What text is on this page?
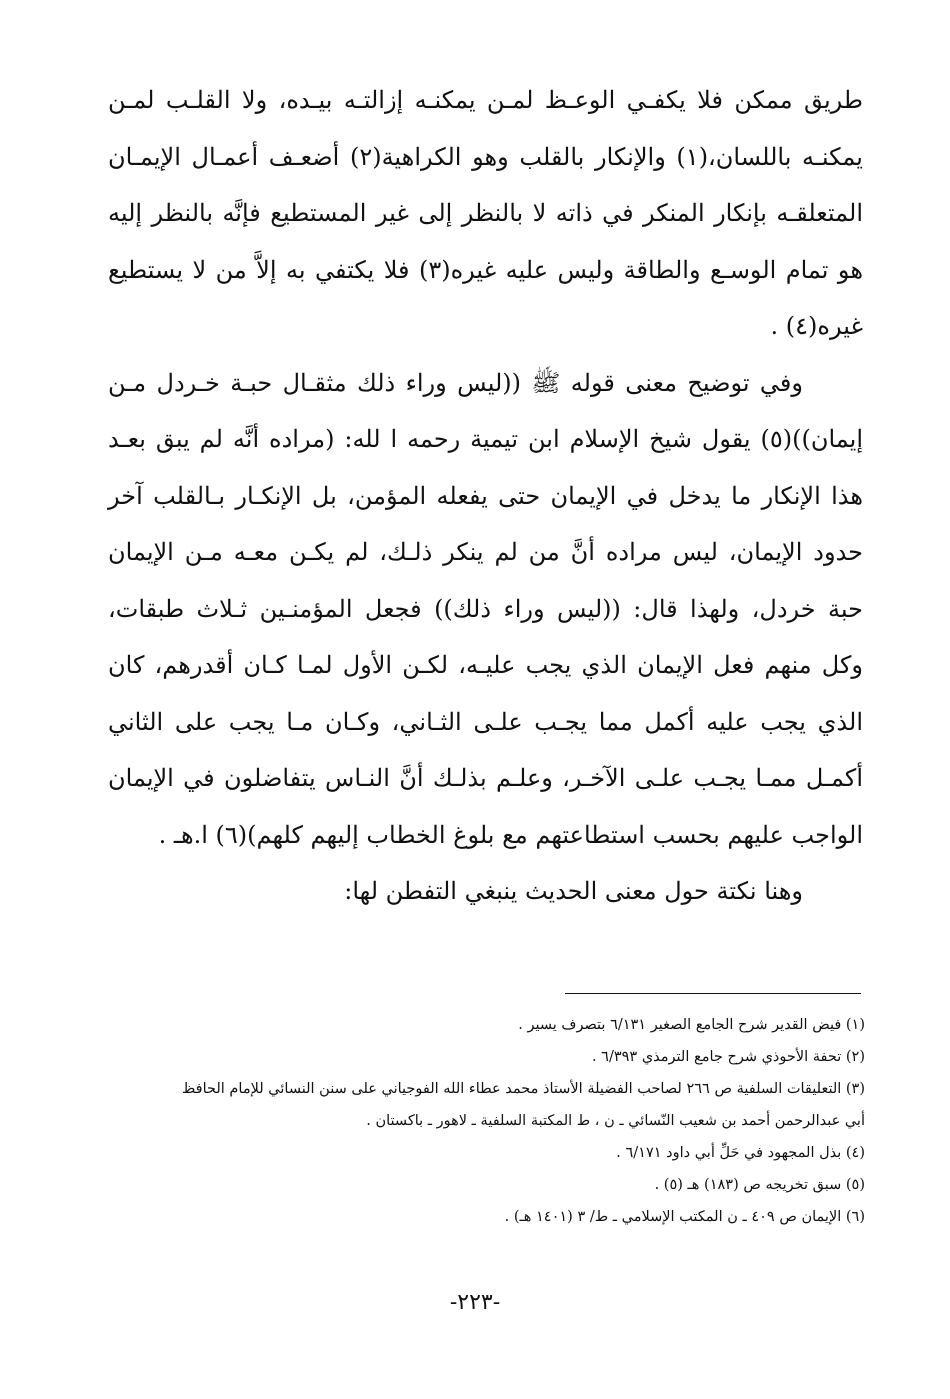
طريق ممكن فلا يكفـي الوعـظ لمـن يمكنـه إزالتـه بيـده، ولا القلـب لمـن يمكنـه باللسان،(١) والإنكار بالقلب وهو الكراهية(٢) أضعـف أعمـال الإيمـان المتعلقـه بإنكار المنكر في ذاته لا بالنظر إلى غير المستطيع فإنَّه بالنظر إليه هو تمام الوسـع والطاقة وليس عليه غيره(٣) فلا يكتفي به إلاَّ من لا يستطيع غيره(٤) .

وفي توضيح معنى قوله ﷺ ((ليس وراء ذلك مثقـال حبـة خـردل مـن إيمان))(٥) يقول شيخ الإسلام ابن تيمية رحمه ا لله: (مراده أنَّه لم يبق بعـد هذا الإنكار ما يدخل في الإيمان حتى يفعله المؤمن، بل الإنكـار بـالقلب آخر حدود الإيمان، ليس مراده أنَّ من لم ينكر ذلـك، لم يكـن معـه مـن الإيمان حبة خردل، ولهذا قال: ((ليس وراء ذلك)) فجعل المؤمنـين ثـلاث طبقات، وكل منهم فعل الإيمان الذي يجب عليـه، لكـن الأول لمـا كـان أقدرهم، كان الذي يجب عليه أكمل مما يجـب علـى الثـاني، وكـان مـا يجب على الثاني أكمـل ممـا يجـب علـى الآخـر، وعلـم بذلـك أنَّ النـاس يتفاضلون في الإيمان الواجب عليهم بحسب استطاعتهم مع بلوغ الخطاب إليهم كلهم)(٦) ا.هـ .

وهنا نكتة حول معنى الحديث ينبغي التفطن لها:

(١) فيض القدير شرح الجامع الصغير ٦/١٣١ بتصرف يسير .

(٢) تحفة الأحوذي شرح جامع الترمذي ٦/٣٩٣ .

(٣) التعليقات السلفية ص ٢٦٦ لصاحب الفضيلة الأستاذ محمد عطاء الله الفوجياني على سنن النسائي للإمام الحافظ

أبي عبدالرحمن أحمد بن شعيب النّسائي ـ ن ، ط المكتبة السلفية ـ لاهور ـ باكستان .

(٤) بذل المجهود في حَلِّ أبي داود ٦/١٧١ .

(٥) سبق تخريجه ص (١٨٣) هـ (٥) .

(٦) الإيمان ص ٤٠٩ ـ ن المكتب الإسلامي ـ ط/ ٣ (١٤٠١ هـ) .

-٢٢٣-
